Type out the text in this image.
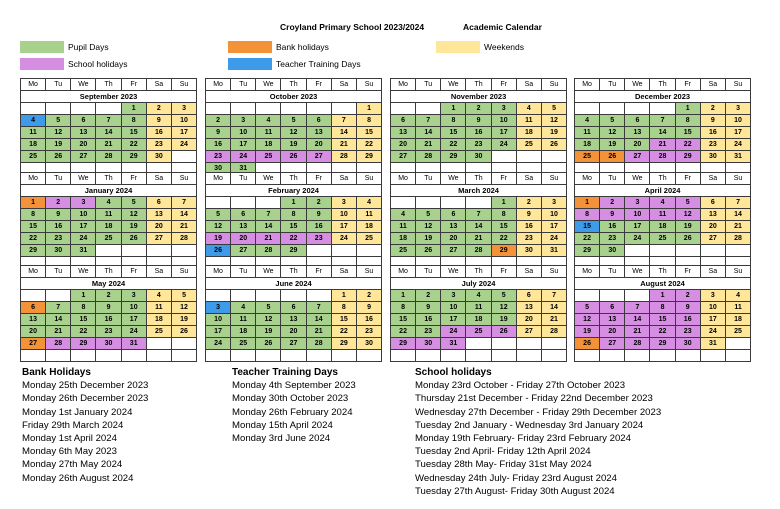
Croyland Primary School 2023/2024	Academic Calendar
Pupil Days	Bank holidays	Weekends
School holidays	Teacher Training Days
Mo	Tu	We	Th	Fr	Sa	Su
September 2023						
				1	2	3
4	5	6	7	8	9	10
11	12	13	14	15	16	17
18	19	20	21	22	23	24
25	26	27	28	29	30	

Mo	Tu	We	Th	Fr	Sa	Su
October 2023						
						1
2	3	4	5	6	7	8
9	10	11	12	13	14	15
16	17	18	19	20	21	22
23	24	25	26	27	28	29
30	31					
Mo	Tu	We	Th	Fr	Sa	Su
November 2023						
		1	2	3	4	5
6	7	8	9	10	11	12
13	14	15	16	17	18	19
20	21	22	23	24	25	26
27	28	29	30			

Mo	Tu	We	Th	Fr	Sa	Su
December 2023						
				1	2	3
4	5	6	7	8	9	10
11	12	13	14	15	16	17
18	19	20	21	22	23	24
25	26	27	28	29	30	31

Mo	Tu	We	Th	Fr	Sa	Su
January 2024						
1	2	3	4	5	6	7
8	9	10	11	12	13	14
15	16	17	18	19	20	21
22	23	24	25	26	27	28
29	30	31				

Mo	Tu	We	Th	Fr	Sa	Su
February 2024						
			1	2	3	4
5	6	7	8	9	10	11
12	13	14	15	16	17	18
19	20	21	22	23	24	25
26	27	28	29			

Mo	Tu	We	Th	Fr	Sa	Su
March 2024						
				1	2	3
4	5	6	7	8	9	10
11	12	13	14	15	16	17
18	19	20	21	22	23	24
25	26	27	28	29	30	31

Mo	Tu	We	Th	Fr	Sa	Su
April 2024						
1	2	3	4	5	6	7
8	9	10	11	12	13	14
15	16	17	18	19	20	21
22	23	24	25	26	27	28
29	30					

Mo	Tu	We	Th	Fr	Sa	Su
May 2024						
		1	2	3	4	5
6	7	8	9	10	11	12
13	14	15	16	17	18	19
20	21	22	23	24	25	26
27	28	29	30	31		

Mo	Tu	We	Th	Fr	Sa	Su
June 2024						
					1	2
3	4	5	6	7	8	9
10	11	12	13	14	15	16
17	18	19	20	21	22	23
24	25	26	27	28	29	30

Mo	Tu	We	Th	Fr	Sa	Su
July 2024						
1	2	3	4	5	6	7
8	9	10	11	12	13	14
15	16	17	18	19	20	21
22	23	24	25	26	27	28
29	30	31				

Mo	Tu	We	Th	Fr	Sa	Su
August 2024						
			1	2	3	4
5	6	7	8	9	10	11
12	13	14	15	16	17	18
19	20	21	22	23	24	25
26	27	28	29	30	31	

Bank Holidays
Monday 25th December 2023
Monday 26th December 2023
Monday 1st January 2024
Friday 29th March 2024
Monday 1st April 2024
Monday 6th May 2023
Monday 27th May 2024
Monday 26th August 2024
Teacher Training Days
Monday 4th September 2023
Monday 30th October 2023
Monday 26th February 2024
Monday 15th April 2024
Monday 3rd June 2024
School holidays
Monday 23rd October - Friday 27th October 2023
Thursday 21st December - Friday 22nd December 2023
Wednesday 27th December - Friday 29th December 2023
Tuesday 2nd January - Wednesday 3rd January 2024
Monday 19th February- Friday 23rd February 2024
Tuesday 2nd April- Friday 12th April 2024
Tuesday 28th May- Friday 31st May 2024
Wednesday 24th July- Friday 23rd August 2024
Tuesday 27th August- Friday 30th August 2024
